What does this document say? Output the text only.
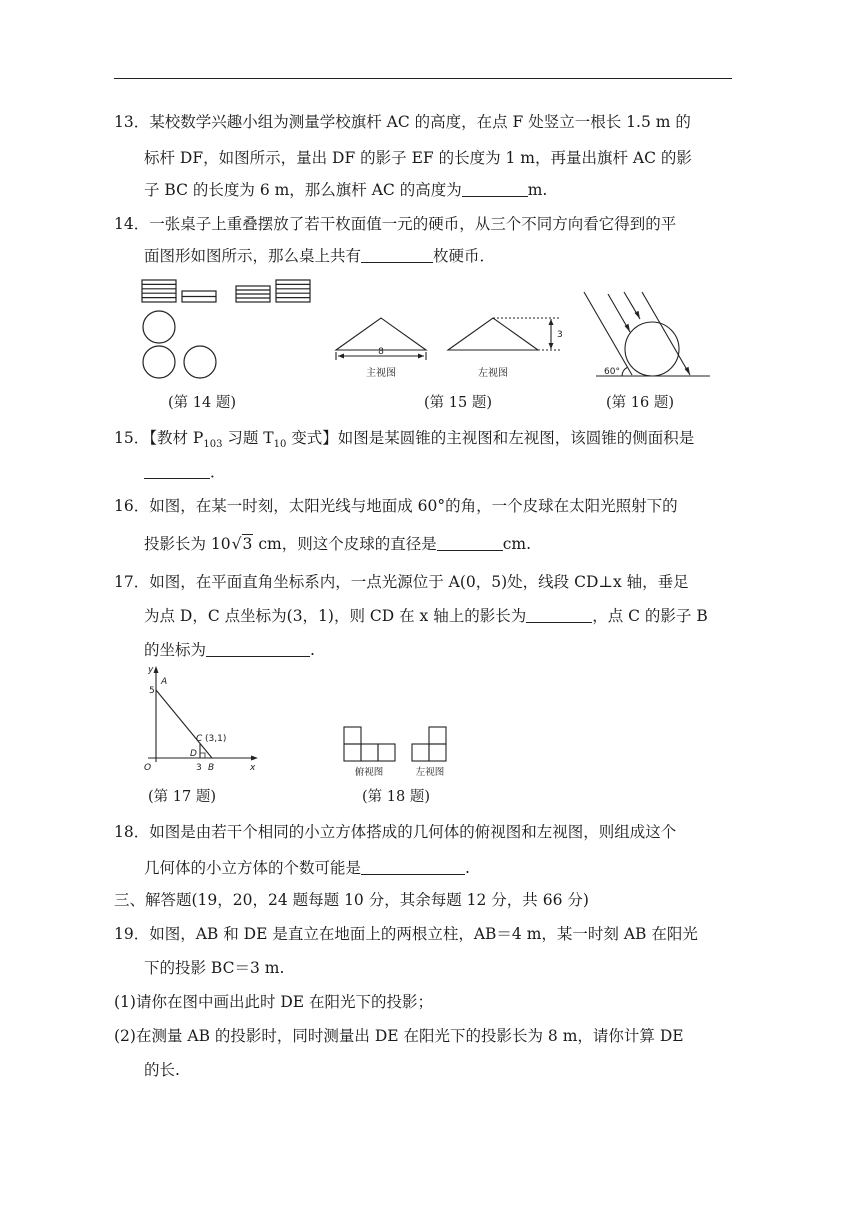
13．某校数学兴趣小组为测量学校旗杆 AC 的高度，在点 F 处竖立一根长 1.5 m 的
标杆 DF，如图所示，量出 DF 的影子 EF 的长度为 1 m，再量出旗杆 AC 的影
子 BC 的长度为 6 m，那么旗杆 AC 的高度为	m.
14．一张桌子上重叠摆放了若干枚面值一元的硬币，从三个不同方向看它得到的平
面图形如图所示，那么桌上共有	枚硬币．
8
3
主视图	左视图	60°
(第 14 题)	(第 15 题)	(第 16 题)
15．【教材 $P_{103}$ 习题 $T_{10}$ 变式】如图是某圆锥的主视图和左视图，该圆锥的侧面积是
．
16．如图，在某一时刻，太阳光线与地面成 60°的角，一个皮球在太阳光照射下的
投影长为 10√3 cm，则这个皮球的直径是	cm.
17．如图，在平面直角坐标系内，一点光源位于 A(0，5)处，线段 CD⊥x 轴，垂足
为点 D，C 点坐标为(3，1)，则 CD 在 x 轴上的影长为	，点 C 的影子 B
的坐标为	.
y
x
O
A
5
C (3,1)
D
3 B	俯视图	左视图
(第 17 题)	(第 18 题)
18．如图是由若干个相同的小立方体搭成的几何体的俯视图和左视图，则组成这个
几何体的小立方体的个数可能是	.
三、解答题(19，20，24 题每题 10 分，其余每题 12 分，共 66 分)
19．如图，AB 和 DE 是直立在地面上的两根立柱，AB＝4 m，某一时刻 AB 在阳光
下的投影 BC＝3 m.
(1)请你在图中画出此时 DE 在阳光下的投影；
(2)在测量 AB 的投影时，同时测量出 DE 在阳光下的投影长为 8 m，请你计算 DE
的长.
